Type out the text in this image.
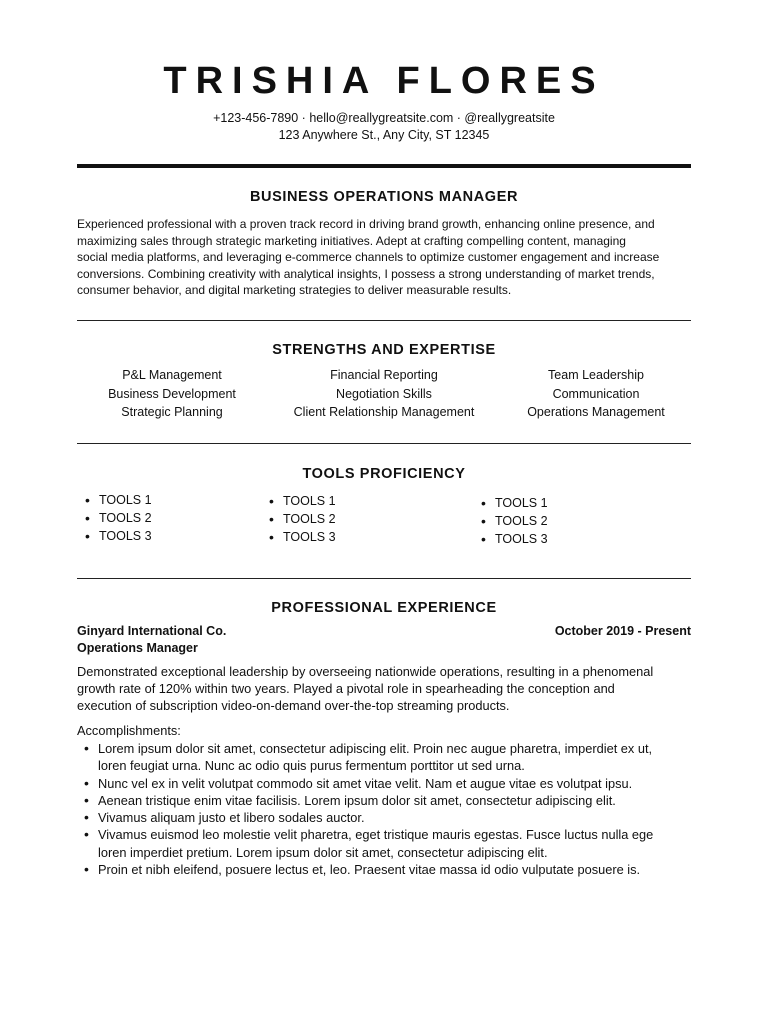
TRISHIA FLORES
+123-456-7890 · hello@reallygreatsite.com · @reallygreatsite
123 Anywhere St., Any City, ST 12345
BUSINESS OPERATIONS MANAGER
Experienced professional with a proven track record in driving brand growth, enhancing online presence, and
maximizing sales through strategic marketing initiatives. Adept at crafting compelling content, managing
social media platforms, and leveraging e-commerce channels to optimize customer engagement and increase
conversions. Combining creativity with analytical insights, I possess a strong understanding of market trends,
consumer behavior, and digital marketing strategies to deliver measurable results.
STRENGTHS AND EXPERTISE
P&L Management
Business Development
Strategic Planning
Financial Reporting
Negotiation Skills
Client Relationship Management
Team Leadership
Communication
Operations Management
TOOLS PROFICIENCY
• TOOLS 1
• TOOLS 2
• TOOLS 3
• TOOLS 1
• TOOLS 2
• TOOLS 3
• TOOLS 1
• TOOLS 2
• TOOLS 3
PROFESSIONAL EXPERIENCE
Ginyard International Co.
Operations Manager
October 2019 - Present
Demonstrated exceptional leadership by overseeing nationwide operations, resulting in a phenomenal
growth rate of 120% within two years. Played a pivotal role in spearheading the conception and
execution of subscription video-on-demand over-the-top streaming products.
Accomplishments:
• Lorem ipsum dolor sit amet, consectetur adipiscing elit. Proin nec augue pharetra, imperdiet ex ut,
loren feugiat urna. Nunc ac odio quis purus fermentum porttitor ut sed urna.
• Nunc vel ex in velit volutpat commodo sit amet vitae velit. Nam et augue vitae es volutpat ipsu.
• Aenean tristique enim vitae facilisis. Lorem ipsum dolor sit amet, consectetur adipiscing elit.
• Vivamus aliquam justo et libero sodales auctor.
• Vivamus euismod leo molestie velit pharetra, eget tristique mauris egestas. Fusce luctus nulla ege
loren imperdiet pretium. Lorem ipsum dolor sit amet, consectetur adipiscing elit.
• Proin et nibh eleifend, posuere lectus et, leo. Praesent vitae massa id odio vulputate posuere is.
